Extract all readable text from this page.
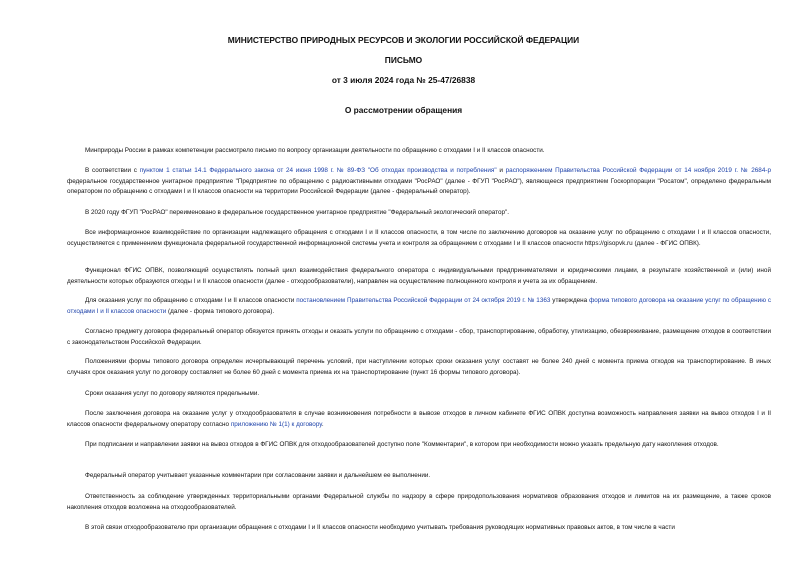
МИНИСТЕРСТВО ПРИРОДНЫХ РЕСУРСОВ И ЭКОЛОГИИ РОССИЙСКОЙ ФЕДЕРАЦИИ
ПИСЬМО
от 3 июля 2024 года № 25-47/26838
О рассмотрении обращения
Минприроды России в рамках компетенции рассмотрело письмо по вопросу организации деятельности по обращению с отходами I и II классов опасности.
В соответствии с пунктом 1 статьи 14.1 Федерального закона от 24 июня 1998 г. № 89-ФЗ "Об отходах производства и потребления" и распоряжением Правительства Российской Федерации от 14 ноября 2019 г. № 2684-р федеральное государственное унитарное предприятие "Предприятие по обращению с радиоактивными отходами "РосРАО" (далее - ФГУП "РосРАО"), являющееся предприятием Госкорпорации "Росатом", определено федеральным оператором по обращению с отходами I и II классов опасности на территории Российской Федерации (далее - федеральный оператор).
В 2020 году ФГУП "РосРАО" переименовано в федеральное государственное унитарное предприятие "Федеральный экологический оператор".
Все информационное взаимодействие по организации надлежащего обращения с отходами I и II классов опасности, в том числе по заключению договоров на оказание услуг по обращению с отходами I и II классов опасности, осуществляется с применением функционала федеральной государственной информационной системы учета и контроля за обращением с отходами I и II классов опасности https://gisopvk.ru (далее - ФГИС ОПВК).
Функционал ФГИС ОПВК, позволяющий осуществлять полный цикл взаимодействия федерального оператора с индивидуальными предпринимателями и юридическими лицами, в результате хозяйственной и (или) иной деятельности которых образуются отходы I и II классов опасности (далее - отходообразователи), направлен на осуществление полноценного контроля и учета за их обращением.
Для оказания услуг по обращению с отходами I и II классов опасности постановлением Правительства Российской Федерации от 24 октября 2019 г. № 1363 утверждена форма типового договора на оказание услуг по обращению с отходами I и II классов опасности (далее - форма типового договора).
Согласно предмету договора федеральный оператор обязуется принять отходы и оказать услуги по обращению с отходами - сбор, транспортирование, обработку, утилизацию, обезвреживание, размещение отходов в соответствии с законодательством Российской Федерации.
Положениями формы типового договора определен исчерпывающий перечень условий, при наступлении которых сроки оказания услуг составят не более 240 дней с момента приема отходов на транспортирование. В иных случаях срок оказания услуг по договору составляет не более 60 дней с момента приема их на транспортирование (пункт 16 формы типового договора).
Сроки оказания услуг по договору являются предельными.
После заключения договора на оказание услуг у отходообразователя в случае возникновения потребности в вывозе отходов в личном кабинете ФГИС ОПВК доступна возможность направления заявки на вывоз отходов I и II классов опасности федеральному оператору согласно приложению № 1(1) к договору.
При подписании и направлении заявки на вывоз отходов в ФГИС ОПВК для отходообразователей доступно поле "Комментарии", в котором при необходимости можно указать предельную дату накопления отходов.
Федеральный оператор учитывает указанные комментарии при согласовании заявки и дальнейшем ее выполнении.
Ответственность за соблюдение утвержденных территориальными органами Федеральной службы по надзору в сфере природопользования нормативов образования отходов и лимитов на их размещение, а также сроков накопления отходов возложена на отходообразователей.
В этой связи отходообразователю при организации обращения с отходами I и II классов опасности необходимо учитывать требования руководящих нормативных правовых актов, в том числе в части
